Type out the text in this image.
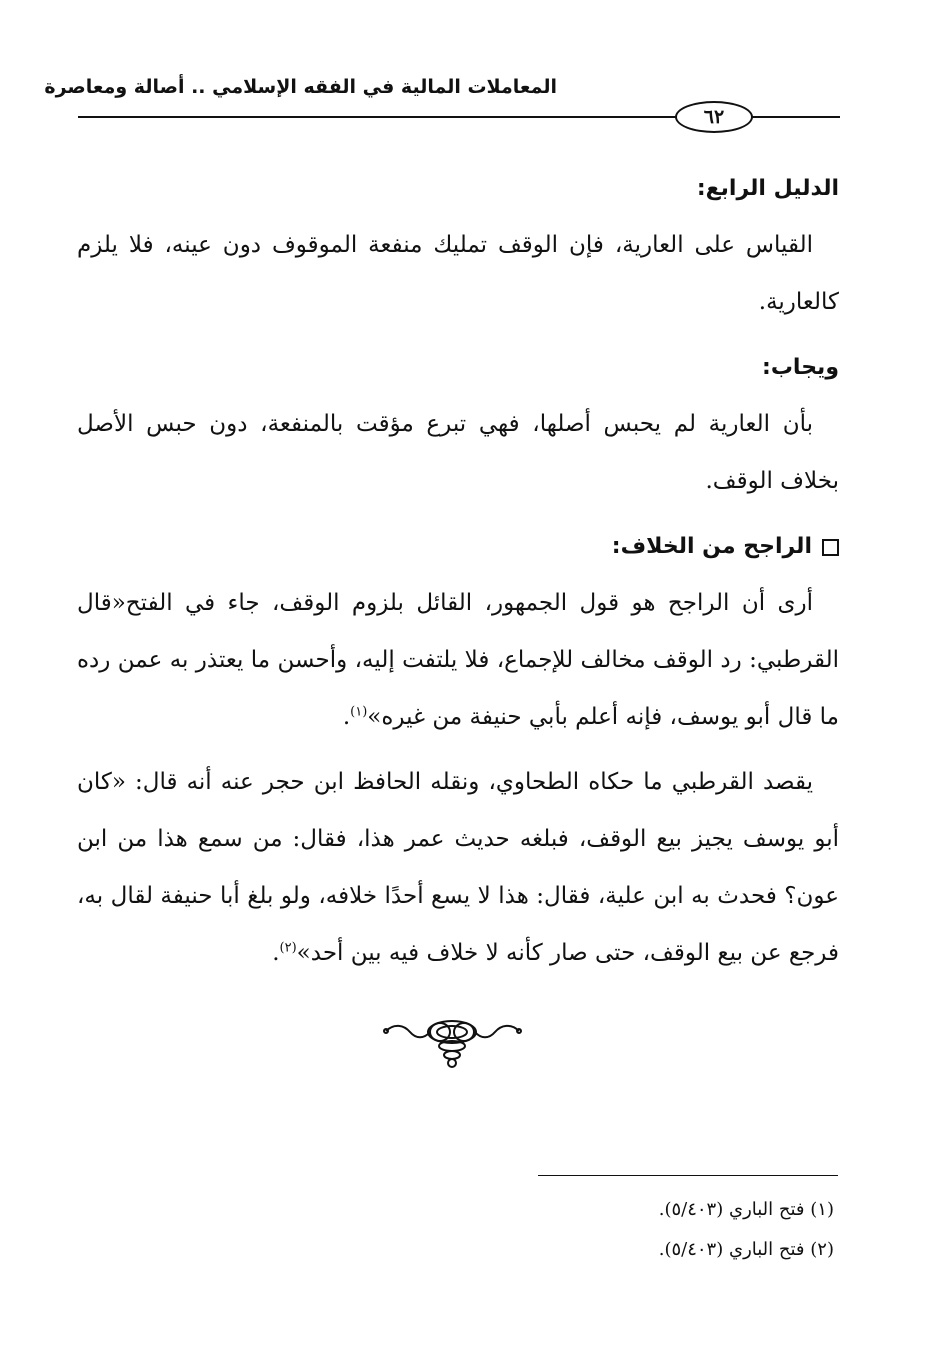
المعاملات المالية في الفقه الإسلامي .. أصالة ومعاصرة
٦٢

الدليل الرابع:

القياس على العارية، فإن الوقف تمليك منفعة الموقوف دون عينه، فلا يلزم كالعارية.

ويجاب:

بأن العارية لم يحبس أصلها، فهي تبرع مؤقت بالمنفعة، دون حبس الأصل بخلاف الوقف.

الراجح من الخلاف:

أرى أن الراجح هو قول الجمهور، القائل بلزوم الوقف، جاء في الفتح«قال القرطبي: رد الوقف مخالف للإجماع، فلا يلتفت إليه، وأحسن ما يعتذر به عمن رده ما قال أبو يوسف، فإنه أعلم بأبي حنيفة من غيره»$^{(١)}$.

يقصد القرطبي ما حكاه الطحاوي، ونقله الحافظ ابن حجر عنه أنه قال: «كان أبو يوسف يجيز بيع الوقف، فبلغه حديث عمر هذا، فقال: من سمع هذا من ابن عون؟ فحدث به ابن علية، فقال: هذا لا يسع أحدًا خلافه، ولو بلغ أبا حنيفة لقال به، فرجع عن بيع الوقف، حتى صار كأنه لا خلاف فيه بين أحد»$^{(٢)}$.

(١) فتح الباري (٥/٤٠٣).

(٢) فتح الباري (٥/٤٠٣).
